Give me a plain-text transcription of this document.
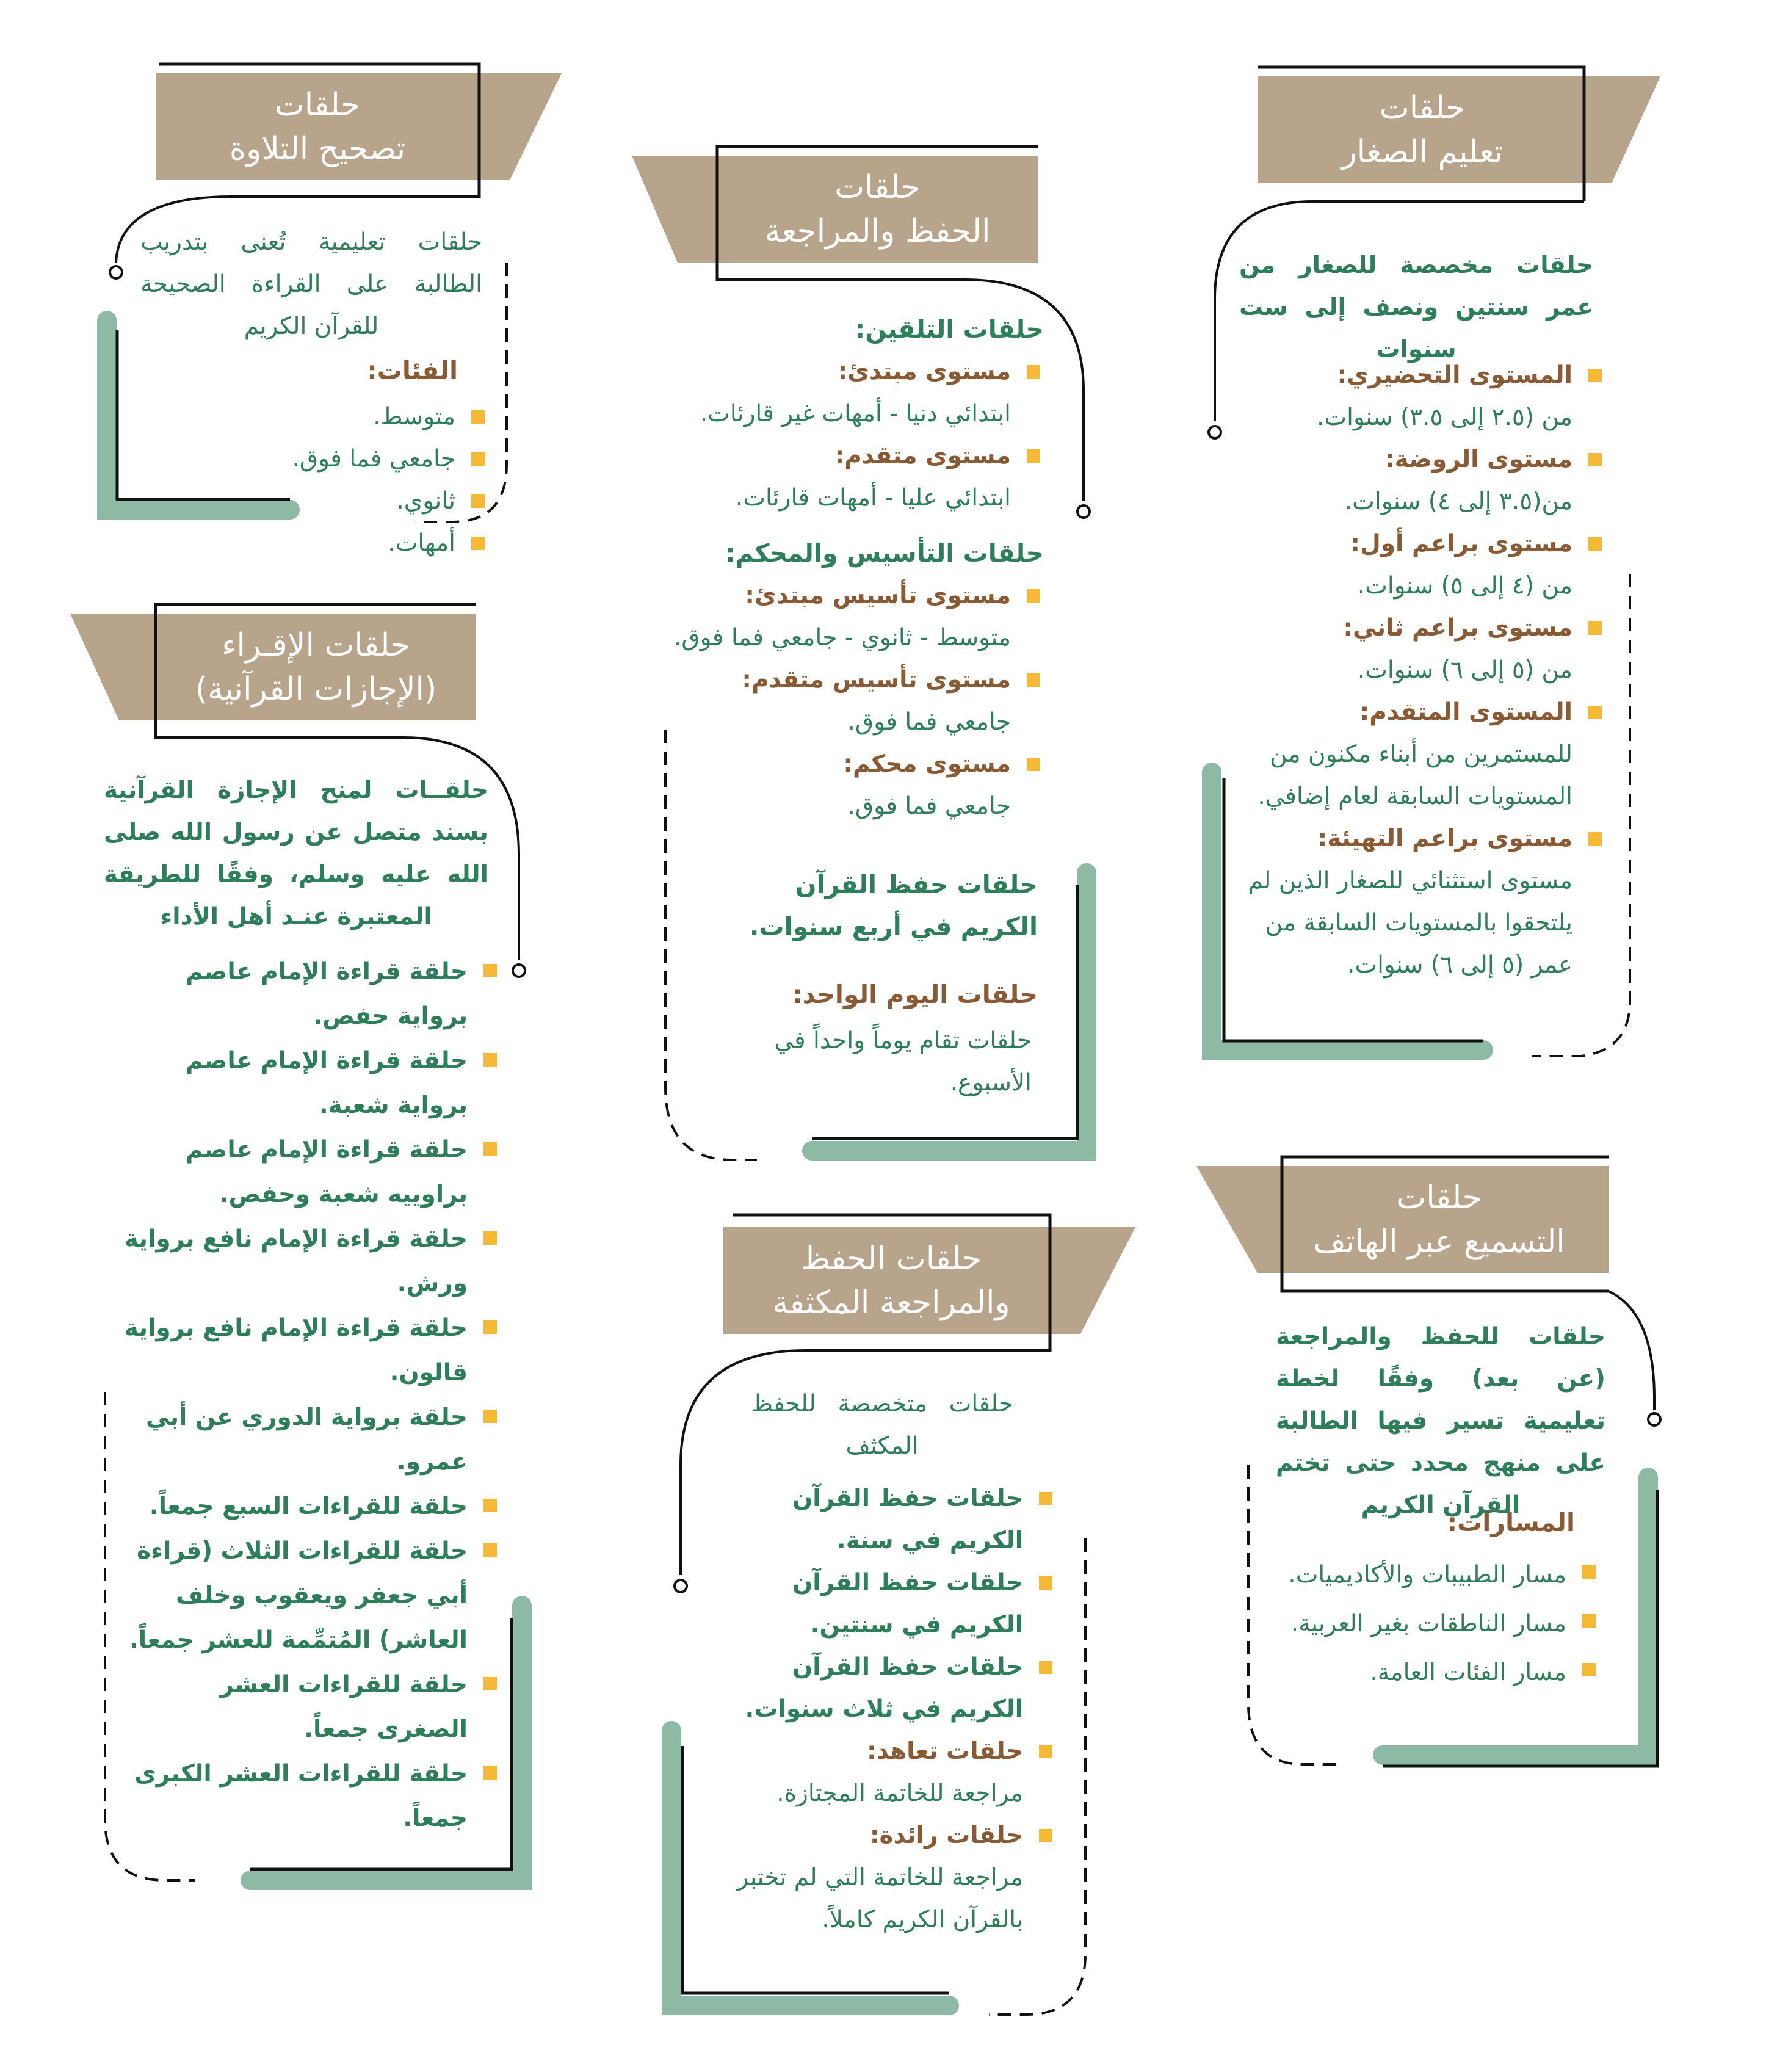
حلقات
تعليم الصغار
حلقات مخصصة للصغار من عمر سنتين ونصف إلى ست سنوات
المستوى التحضيري:
من (٢.٥ إلى ٣.٥) سنوات.
مستوى الروضة:
من(٣.٥ إلى ٤) سنوات.
مستوى براعم أول:
من (٤ إلى ٥) سنوات.
مستوى براعم ثاني:
من (٥ إلى ٦) سنوات.
المستوى المتقدم:
للمستمرين من أبناء مكنون من المستويات السابقة لعام إضافي.
مستوى براعم التهيئة:
مستوى استثنائي للصغار الذين لم يلتحقوا بالمستويات السابقة من عمر (٥ إلى ٦) سنوات.
حلقات
التسميع عبر الهاتف
حلقات للحفظ والمراجعة (عن بعد) وفقًا لخطة تعليمية تسير فيها الطالبة على منهج محدد حتى تختم القرآن الكريم
المسارات:
مسار الطبيبات والأكاديميات.
مسار الناطقات بغير العربية.
مسار الفئات العامة.
حلقات
الحفظ والمراجعة
حلقات التلقين:
مستوى مبتدئ:
ابتدائي دنيا - أمهات غير قارئات.
مستوى متقدم:
ابتدائي عليا - أمهات قارئات.
حلقات التأسيس والمحكم:
مستوى تأسيس مبتدئ:
متوسط - ثانوي - جامعي فما فوق.
مستوى تأسيس متقدم:
جامعي فما فوق.
مستوى محكم:
جامعي فما فوق.
حلقات حفظ القرآن الكريم في أربع سنوات.
حلقات اليوم الواحد:
حلقات تقام يوماً واحداً في الأسبوع.
حلقات الحفظ
والمراجعة المكثفة
حلقات متخصصة للحفظ المكثف
حلقات حفظ القرآن الكريم في سنة.
حلقات حفظ القرآن الكريم في سنتين.
حلقات حفظ القرآن الكريم في ثلاث سنوات.
حلقات تعاهد:
مراجعة للخاتمة المجتازة.
حلقات رائدة:
مراجعة للخاتمة التي لم تختبر بالقرآن الكريم كاملاً.
حلقات
تصحيح التلاوة
حلقات تعليمية تُعنى بتدريب الطالبة على القراءة الصحيحة للقرآن الكريم
الفئات:
متوسط.
جامعي فما فوق.
ثانوي.
أمهات.
حلقات الإقـراء
(الإجازات القرآنية)
حلقــات لمنح الإجازة القرآنية بسند متصل عن رسول الله صلى الله عليه وسلم، وفقًا للطريقة المعتبرة عنـد أهل الأداء
حلقة قراءة الإمام عاصم برواية حفص.
حلقة قراءة الإمام عاصم برواية شعبة.
حلقة قراءة الإمام عاصم براوييه شعبة وحفص.
حلقة قراءة الإمام نافع برواية ورش.
حلقة قراءة الإمام نافع برواية قالون.
حلقة برواية الدوري عن أبي عمرو.
حلقة للقراءات السبع جمعاً.
حلقة للقراءات الثلاث (قراءة أبي جعفر ويعقوب وخلف العاشر) المُتمِّمة للعشر جمعاً.
حلقة للقراءات العشر الصغرى جمعاً.
حلقة للقراءات العشر الكبرى جمعاً.
